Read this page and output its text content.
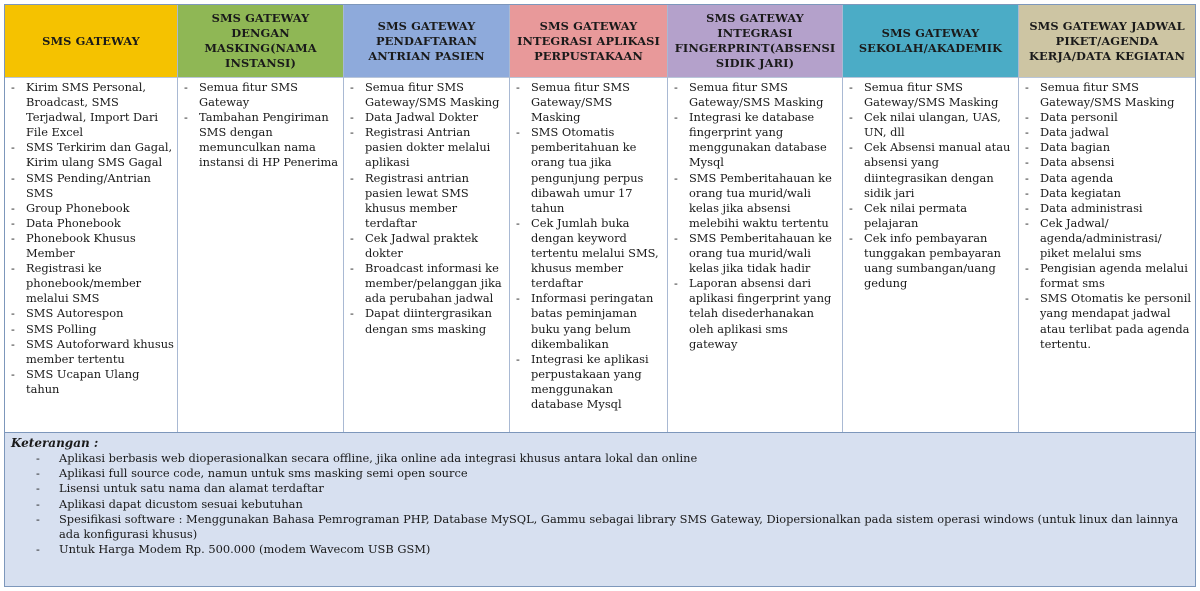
SMS GATEWAY
- Kirim SMS Personal, Broadcast, SMS Terjadwal, Import Dari File Excel
- SMS Terkirim dan Gagal, Kirim ulang SMS Gagal
- SMS Pending/Antrian SMS
- Group Phonebook
- Data Phonebook
- Phonebook Khusus Member
- Registrasi ke phonebook/member melalui SMS
- SMS Autorespon
- SMS Polling
- SMS Autoforward khusus member tertentu
- SMS Ucapan Ulang tahun
SMS GATEWAY DENGAN MASKING(NAMA INSTANSI)
- Semua fitur SMS Gateway
- Tambahan Pengiriman SMS dengan memunculkan nama instansi di HP Penerima
SMS GATEWAY PENDAFTARAN ANTRIAN PASIEN
- Semua fitur SMS Gateway/SMS Masking
- Data Jadwal Dokter
- Registrasi Antrian pasien dokter melalui aplikasi
- Registrasi antrian pasien lewat SMS khusus member terdaftar
- Cek Jadwal praktek dokter
- Broadcast informasi ke member/pelanggan jika ada perubahan jadwal
- Dapat diintergrasikan dengan sms masking
SMS GATEWAY INTEGRASI APLIKASI PERPUSTAKAAN
- Semua fitur SMS Gateway/SMS Masking
- SMS Otomatis pemberitahuan ke orang tua jika pengunjung perpus dibawah umur 17 tahun
- Cek Jumlah buka dengan keyword tertentu melalui SMS, khusus member terdaftar
- Informasi peringatan batas peminjaman buku yang belum dikembalikan
- Integrasi ke aplikasi perpustakaan yang menggunakan database Mysql
SMS GATEWAY INTEGRASI FINGERPRINT(ABSENSI SIDIK JARI)
- Semua fitur SMS Gateway/SMS Masking
- Integrasi ke database fingerprint yang menggunakan database Mysql
- SMS Pemberitahauan ke orang tua murid/wali kelas jika absensi melebihi waktu tertentu
- SMS Pemberitahauan ke orang tua murid/wali kelas jika tidak hadir
- Laporan absensi dari aplikasi fingerprint yang telah disederhanakan oleh aplikasi sms gateway
SMS GATEWAY SEKOLAH/AKADEMIK
- Semua fitur SMS Gateway/SMS Masking
- Cek nilai ulangan, UAS, UN, dll
- Cek Absensi manual atau absensi yang diintegrasikan dengan sidik jari
- Cek nilai permata pelajaran
- Cek info pembayaran tunggakan pembayaran uang sumbangan/uang gedung
SMS GATEWAY JADWAL PIKET/AGENDA KERJA/DATA KEGIATAN
- Semua fitur SMS Gateway/SMS Masking
- Data personil
- Data jadwal
- Data bagian
- Data absensi
- Data agenda
- Data kegiatan
- Data administrasi
- Cek Jadwal/ agenda/administrasi/ piket melalui sms
- Pengisian agenda melalui format sms
- SMS Otomatis ke personil yang mendapat jadwal atau terlibat pada agenda tertentu.
Keterangan :
- Aplikasi berbasis web dioperasionalkan secara offline, jika online ada integrasi khusus antara lokal dan online
- Aplikasi full source code, namun untuk sms masking semi open source
- Lisensi untuk satu nama dan alamat terdaftar
- Aplikasi dapat dicustom sesuai kebutuhan
- Spesifikasi software : Menggunakan Bahasa Pemrograman PHP, Database MySQL, Gammu sebagai library SMS Gateway, Diopersionalkan pada sistem operasi windows (untuk linux dan lainnya ada konfigurasi khusus)
- Untuk Harga Modem Rp. 500.000 (modem Wavecom USB GSM)
